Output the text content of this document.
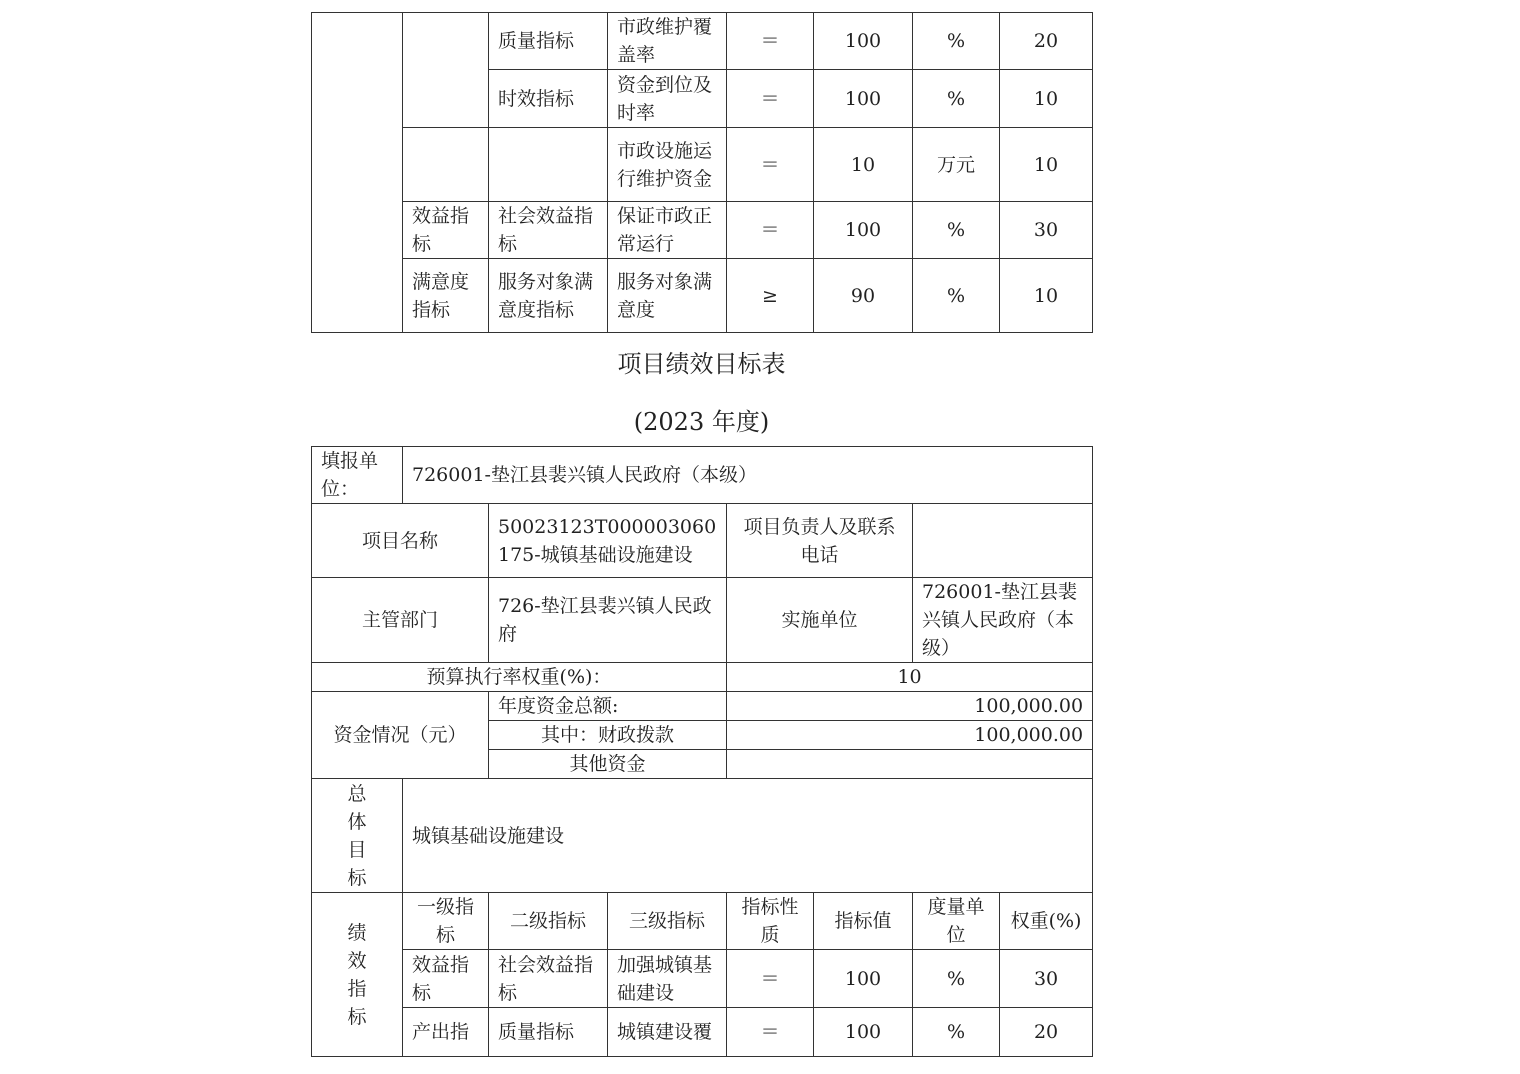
		质量指标	市政维护覆盖率	＝	100	%	20
		时效指标	资金到位及时率	＝	100	%	10
			市政设施运行维护资金	＝	10	万元	10
	效益指标	社会效益指标	保证市政正常运行	＝	100	%	30
	满意度指标	服务对象满意度指标	服务对象满意度	≥	90	%	10
项目绩效目标表
(2023 年度)
填报单位：	726001-垫江县裴兴镇人民政府（本级）						
项目名称		50023123T000003060175-城镇基础设施建设		项目负责人及联系电话			
主管部门		726-垫江县裴兴镇人民政府		实施单位		726001-垫江县裴兴镇人民政府（本级）	
预算执行率权重(%)：				10			
资金情况（元）		年度资金总额:		100,000.00			
		其中：财政拨款		100,000.00			
		其他资金					

总
体
目
标	城镇基础设施建设						

绩
效
指
标	一级指标	二级指标	三级指标	指标性质	指标值	度量单位	权重(%)
	效益指标	社会效益指标	加强城镇基础建设	＝	100	%	30
	产出指	质量指标	城镇建设覆	＝	100	%	20
